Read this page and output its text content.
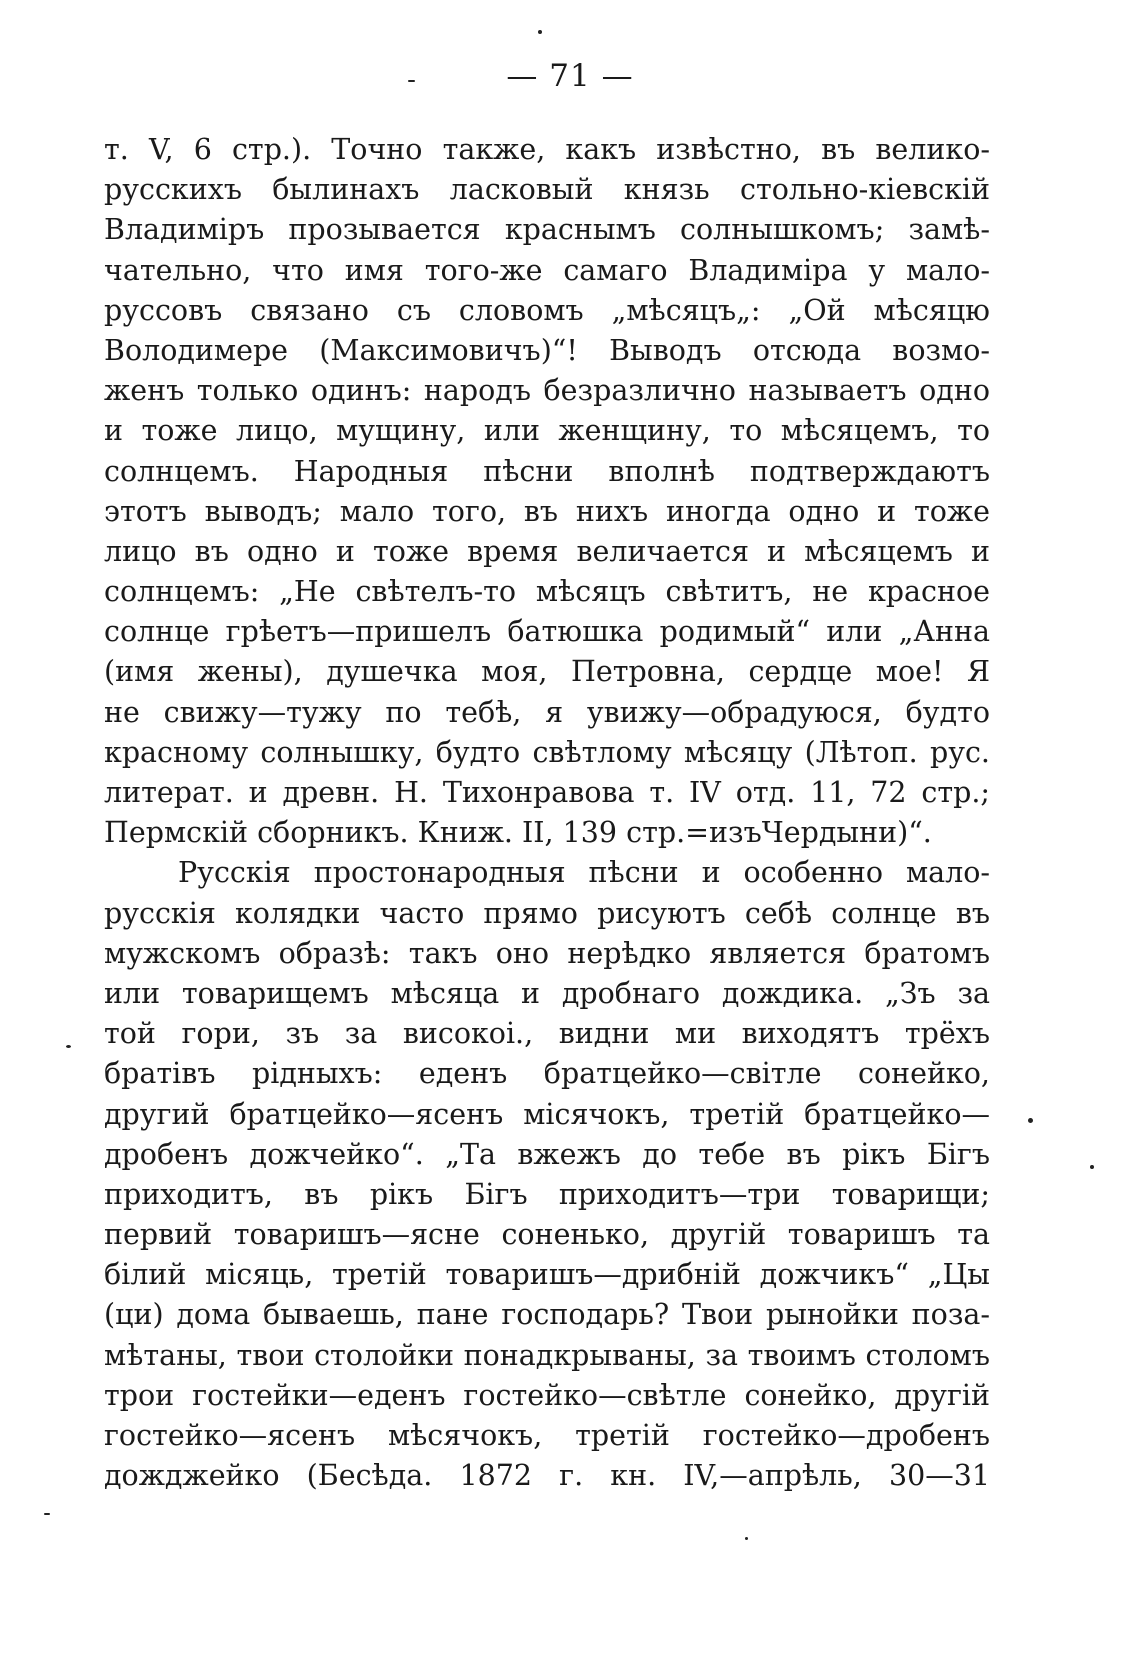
— 71 —
т. V, 6 стр.). Точно также, какъ извѣстно, въ велико-
русскихъ былинахъ ласковый князь стольно-кіевскій
Владиміръ прозывается краснымъ солнышкомъ; замѣ-
чательно, что имя того-же самаго Владиміра у мало-
руссовъ связано съ словомъ „мѣсяцъ„: „Ой мѣсяцю
Володимере (Максимовичъ)“! Выводъ отсюда возмо-
женъ только одинъ: народъ безразлично называетъ одно
и тоже лицо, мущину, или женщину, то мѣсяцемъ, то
солнцемъ. Народныя пѣсни вполнѣ подтверждаютъ
этотъ выводъ; мало того, въ нихъ иногда одно и тоже
лицо въ одно и тоже время величается и мѣсяцемъ и
солнцемъ: „Не свѣтелъ-то мѣсяцъ свѣтитъ, не красное
солнце грѣетъ—пришелъ батюшка родимый“ или „Анна
(имя жены), душечка моя, Петровна, сердце мое! Я
не свижу—тужу по тебѣ, я увижу—обрадуюся, будто
красному солнышку, будто свѣтлому мѣсяцу (Лѣтоп. рус.
литерат. и древн. Н. Тихонравова т. IV отд. 11, 72 стр.;
Пермскій сборникъ. Книж. II, 139 стр.=изъЧердыни)“.
Русскія простонародныя пѣсни и особенно мало-
русскія колядки часто прямо рисуютъ себѣ солнце въ
мужскомъ образѣ: такъ оно нерѣдко является братомъ
или товарищемъ мѣсяца и дробнаго дождика. „Зъ за
той гори, зъ за високоі., видни ми виходятъ трёхъ
братівъ рідныхъ: еденъ братцейко—світле сонейко,
другий братцейко—ясенъ місячокъ, третій братцейко—
дробенъ дожчейко“. „Та вжежъ до тебе въ рікъ Бігъ
приходитъ, въ рікъ Бігъ приходитъ—три товарищи;
первий товаришъ—ясне соненько, другій товаришъ та
білий місяць, третій товаришъ—дрибній дожчикъ“ „Цы
(ци) дома бываешь, пане господарь? Твои рынойки поза-
мѣтаны, твои столойки понадкрываны, за твоимъ столомъ
трои гостейки—еденъ гостейко—свѣтле сонейко, другій
гостейко—ясенъ мѣсячокъ, третій гостейко—дробенъ
дожджейко (Бесѣда. 1872 г. кн. IV,—апрѣль, 30—31
